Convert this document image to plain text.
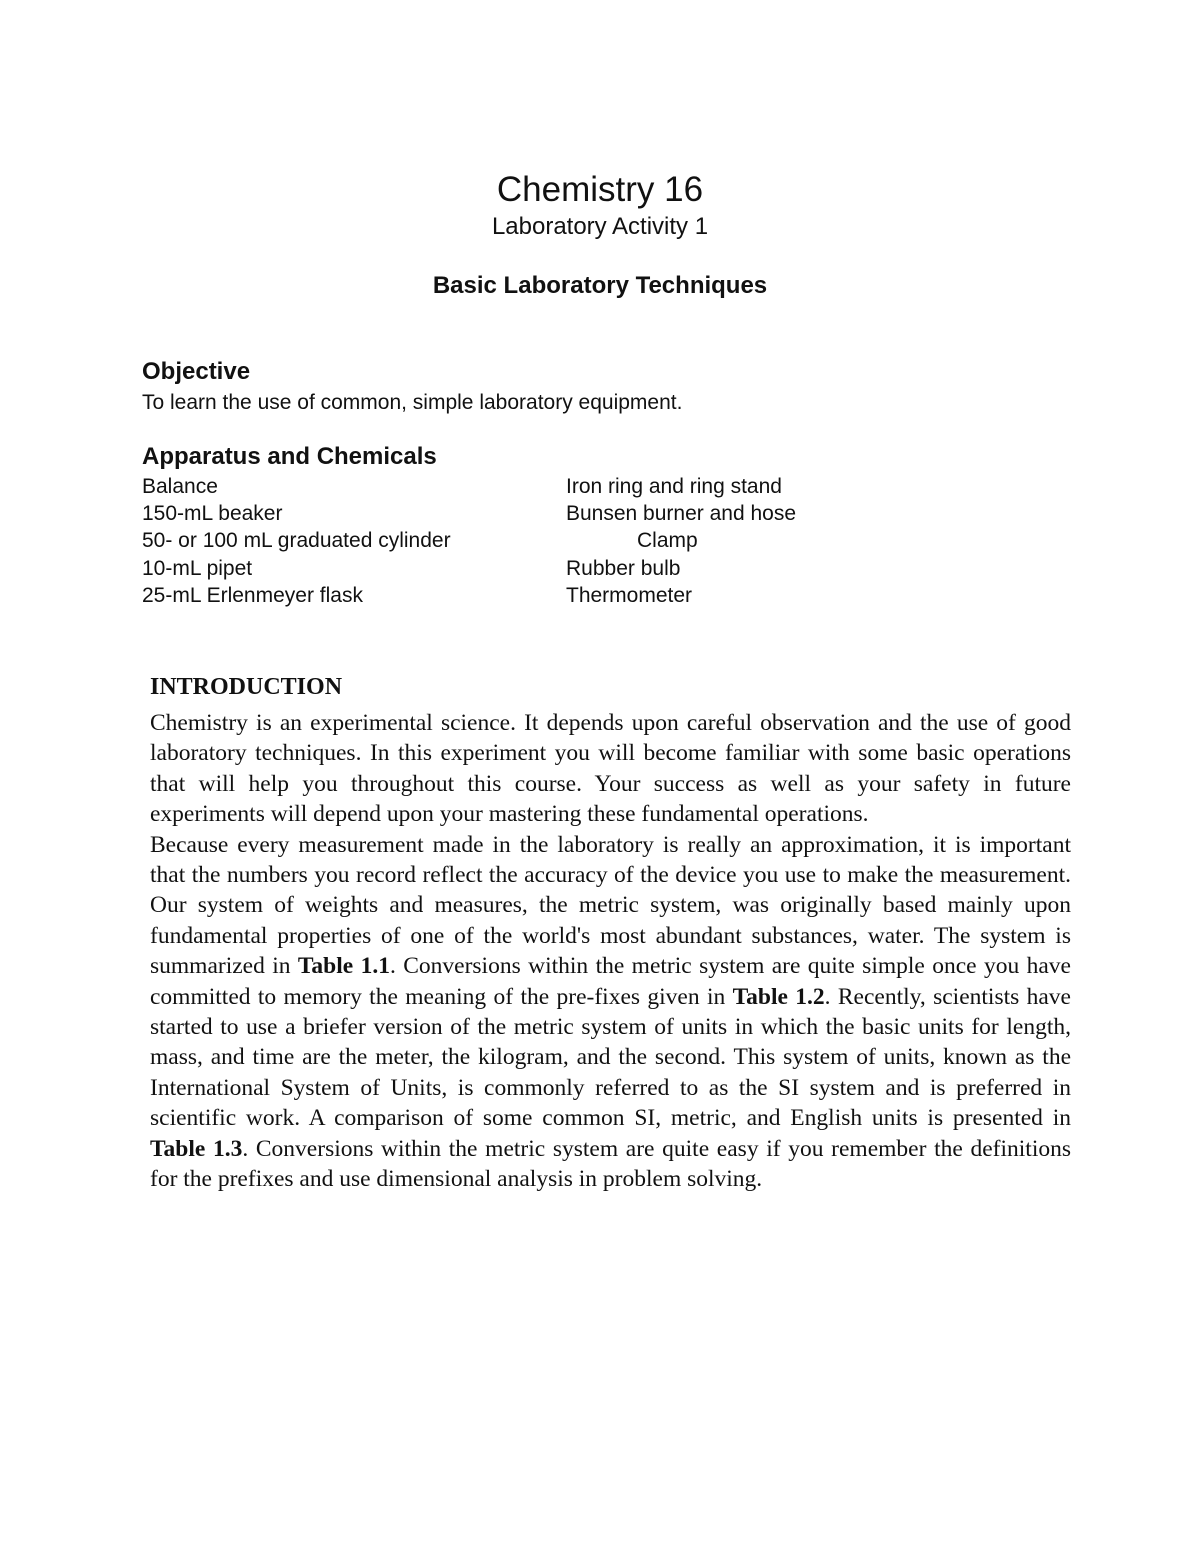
Chemistry 16
Laboratory Activity 1
Basic Laboratory Techniques
Objective
To learn the use of common, simple laboratory equipment.
Apparatus and Chemicals
Balance
150-mL beaker
50- or 100 mL graduated cylinder
10-mL pipet
25-mL Erlenmeyer flask
Iron ring and ring stand
Bunsen burner and hose
Clamp
Rubber bulb
Thermometer
INTRODUCTION

Chemistry is an experimental science. It depends upon careful observation and the use of good laboratory techniques. In this experiment you will become familiar with some basic operations that will help you throughout this course. Your success as well as your safety in future experiments will depend upon your mastering these fundamental operations.

Because every measurement made in the laboratory is really an approximation, it is important that the numbers you record reflect the accuracy of the device you use to make the measurement. Our system of weights and measures, the metric system, was originally based mainly upon fundamental properties of one of the world's most abundant substances, water. The system is summarized in Table 1.1. Conversions within the metric system are quite simple once you have committed to memory the meaning of the pre-fixes given in Table 1.2. Recently, scientists have started to use a briefer version of the metric system of units in which the basic units for length, mass, and time are the meter, the kilogram, and the second. This system of units, known as the International System of Units, is commonly referred to as the SI system and is preferred in scientific work. A comparison of some common SI, metric, and English units is presented in Table 1.3. Conversions within the metric system are quite easy if you remember the definitions for the prefixes and use dimensional analysis in problem solving.
